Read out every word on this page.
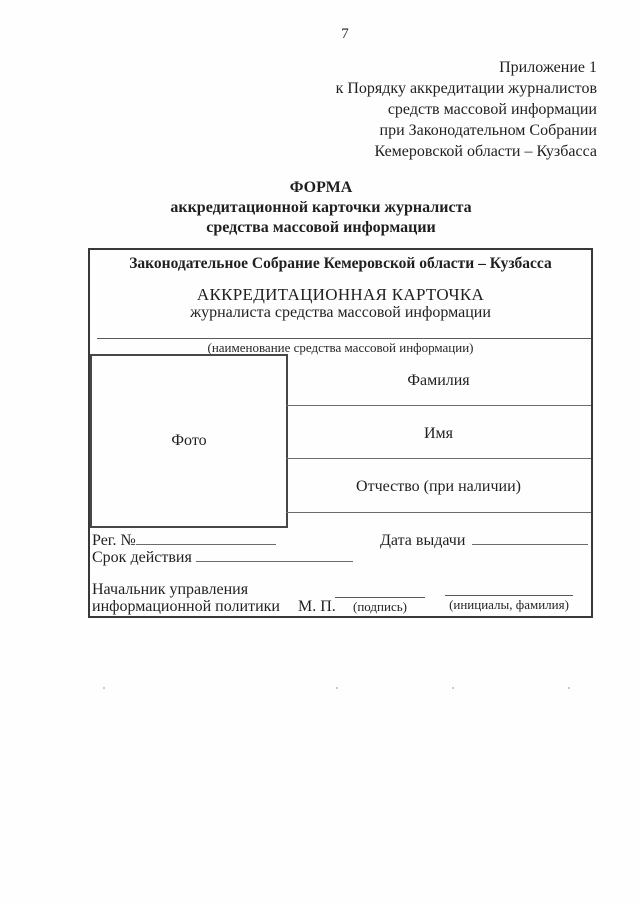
7
Приложение 1
к Порядку аккредитации журналистов
средств массовой информации
при Законодательном Собрании
Кемеровской области – Кузбасса
ФОРМА
аккредитационной карточки журналиста
средства массовой информации
Законодательное Собрание Кемеровской области – Кузбасса
АККРЕДИТАЦИОННАЯ КАРТОЧКА
журналиста средства массовой информации
(наименование средства массовой информации)
Фото
Фамилия
Имя
Отчество (при наличии)
Рег. №	Дата выдачи
Срок действия
Начальник управления
информационной политики М. П.	(подпись)	(инициалы, фамилия)
